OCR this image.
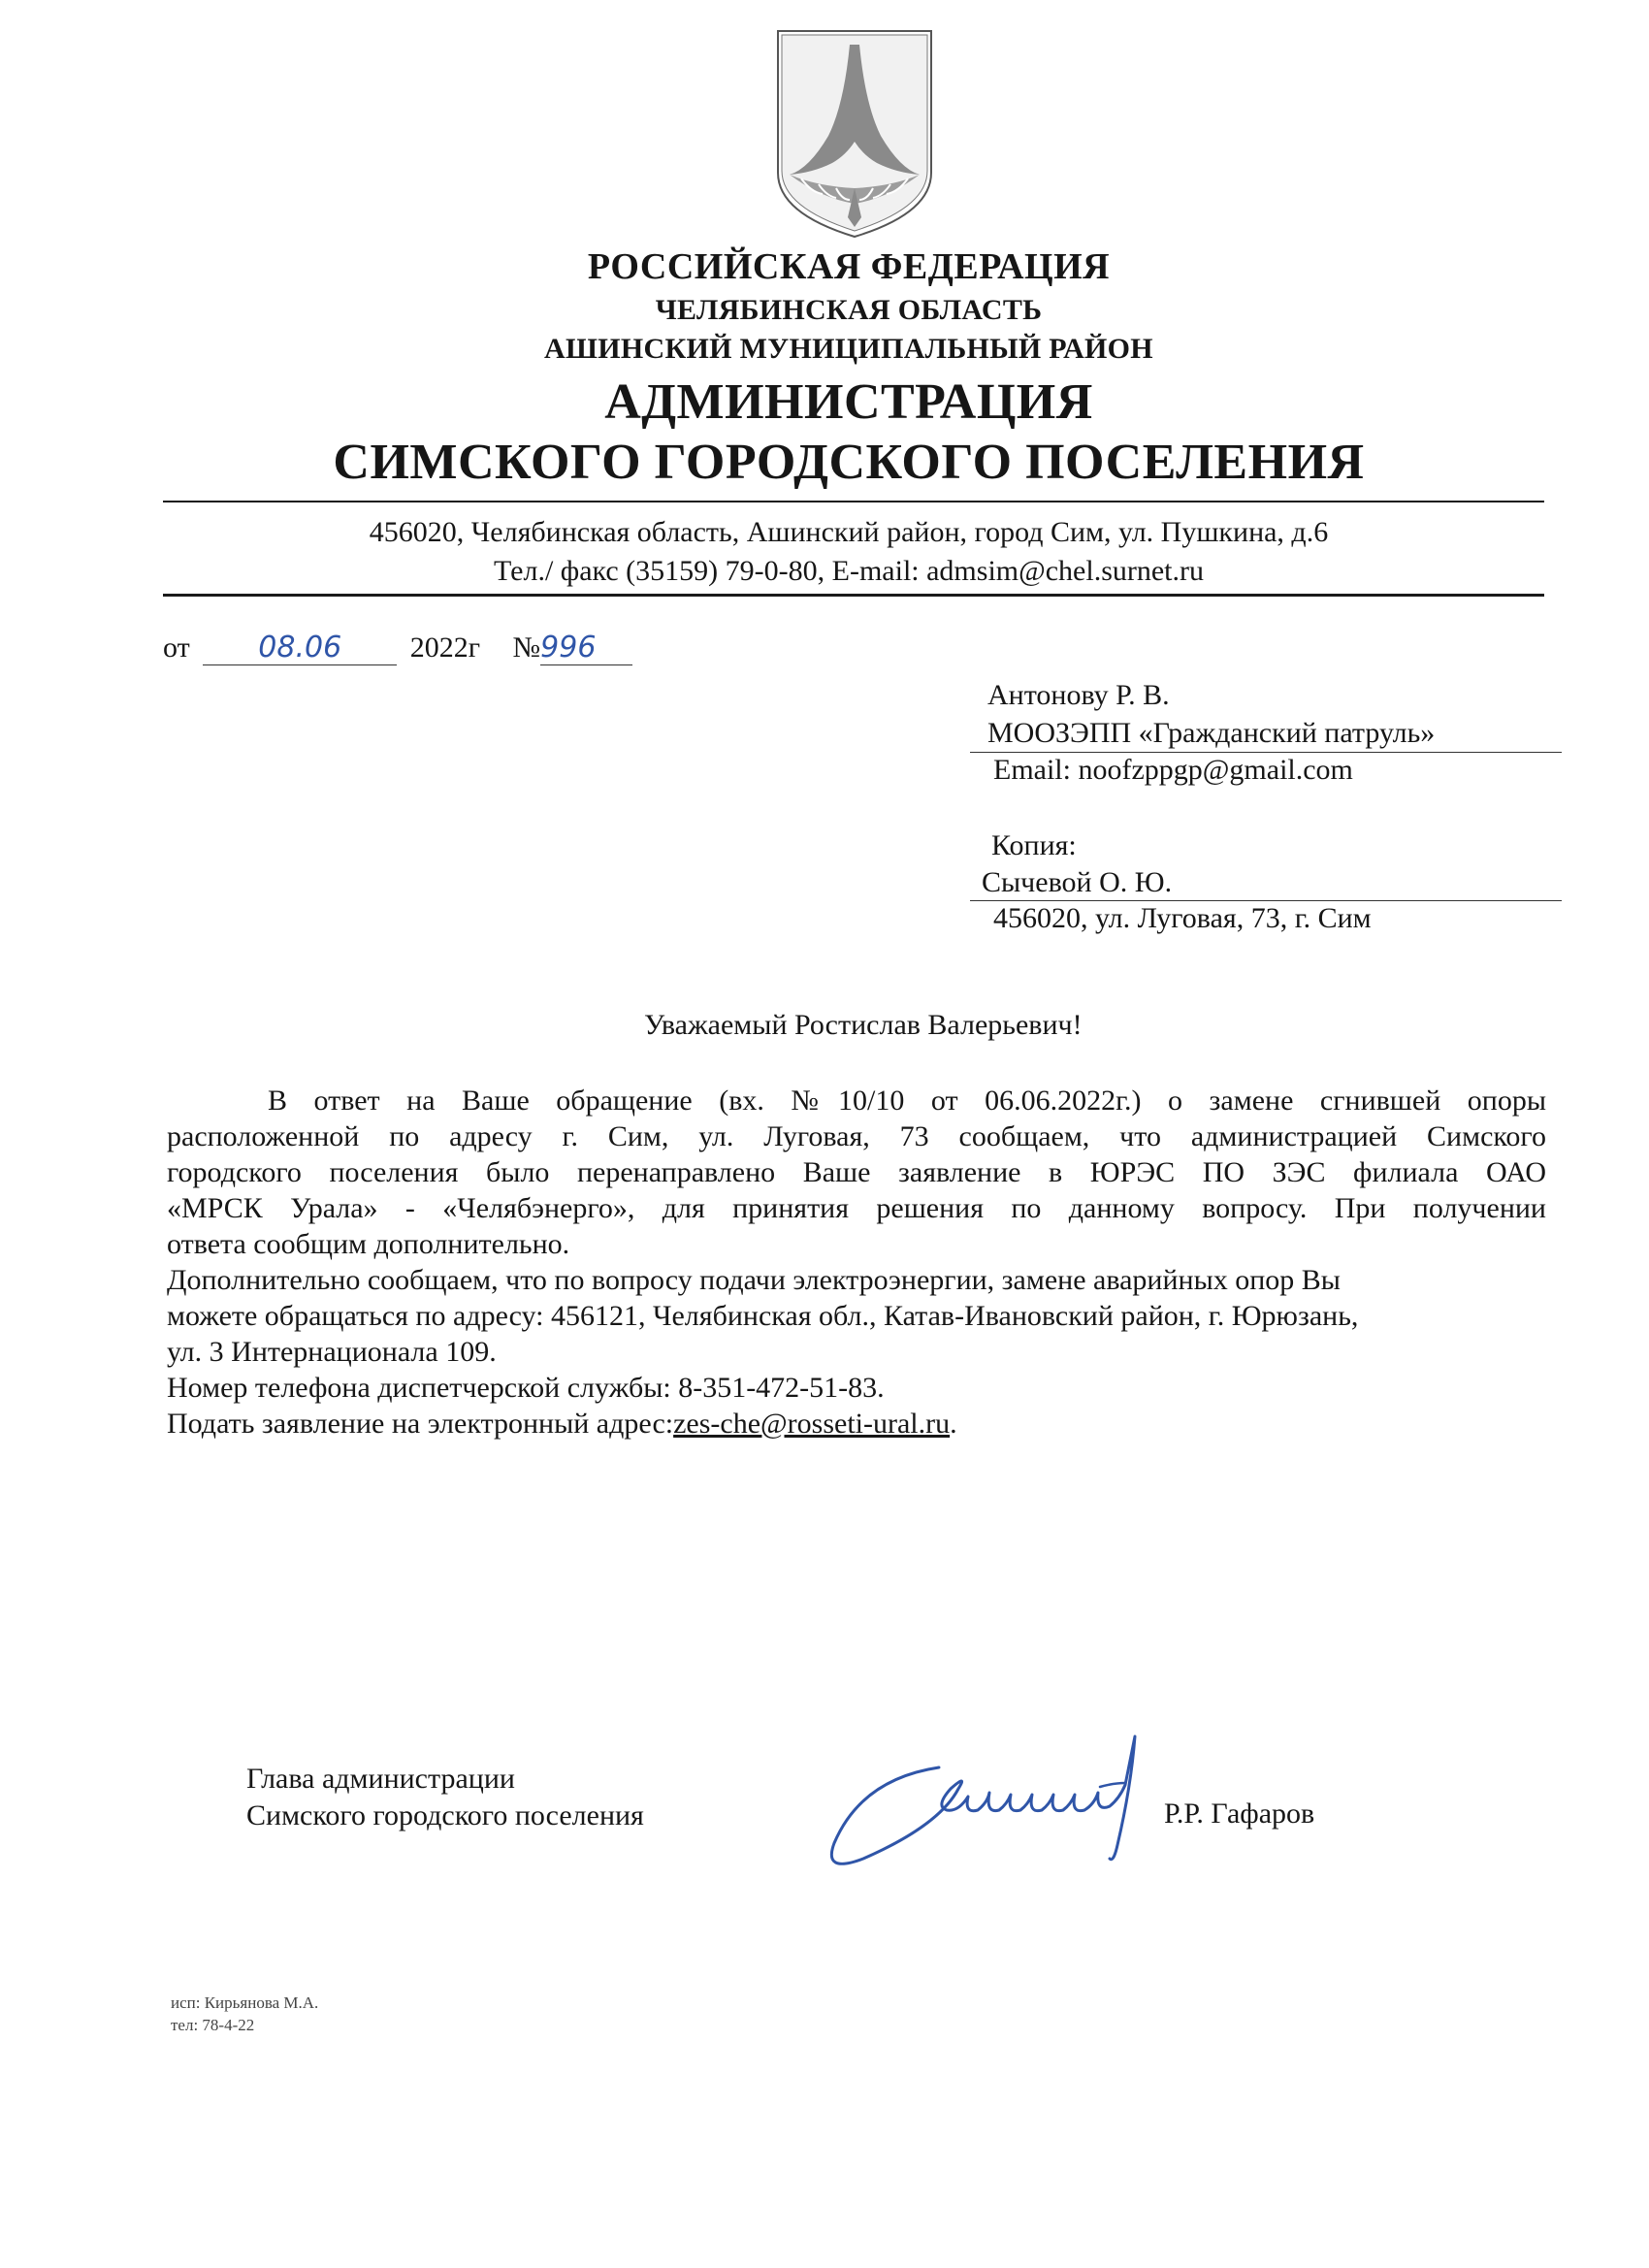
РОССИЙСКАЯ ФЕДЕРАЦИЯ
ЧЕЛЯБИНСКАЯ ОБЛАСТЬ
АШИНСКИЙ МУНИЦИПАЛЬНЫЙ РАЙОН
АДМИНИСТРАЦИЯ
СИМСКОГО ГОРОДСКОГО ПОСЕЛЕНИЯ
456020, Челябинская область, Ашинский район, город Сим, ул. Пушкина, д.6
Тел./ факс (35159) 79-0-80, E-mail: admsim@chel.surnet.ru
от 08.06 2022г №996
Антонову Р. В.
МООЗЭПП «Гражданский патруль»
Email: noofzppgp@gmail.com
Копия:
Сычевой О. Ю.
456020, ул. Луговая, 73, г. Сим
Уважаемый Ростислав Валерьевич!
В ответ на Ваше обращение (вх. №10/10 от 06.06.2022г.) о замене сгнившей опоры
расположенной по адресу г. Сим, ул. Луговая, 73 сообщаем, что администрацией Симского
городского поселения было перенаправлено Ваше заявление в ЮРЭС ПО ЗЭС филиала ОАО
«МРСК Урала» - «Челябэнерго», для принятия решения по данному вопросу. При получении
ответа сообщим дополнительно.
Дополнительно сообщаем, что по вопросу подачи электроэнергии, замене аварийных опор Вы
можете обращаться по адресу: 456121, Челябинская обл., Катав-Ивановский район, г. Юрюзань,
ул. 3 Интернационала 109.
Номер телефона диспетчерской службы: 8-351-472-51-83.
Подать заявление на электронный адрес:zes-che@rosseti-ural.ru.
Глава администрации
Симского городского поселения	Р.Р. Гафаров
исп: Кирьянова М.А.
тел: 78-4-22
